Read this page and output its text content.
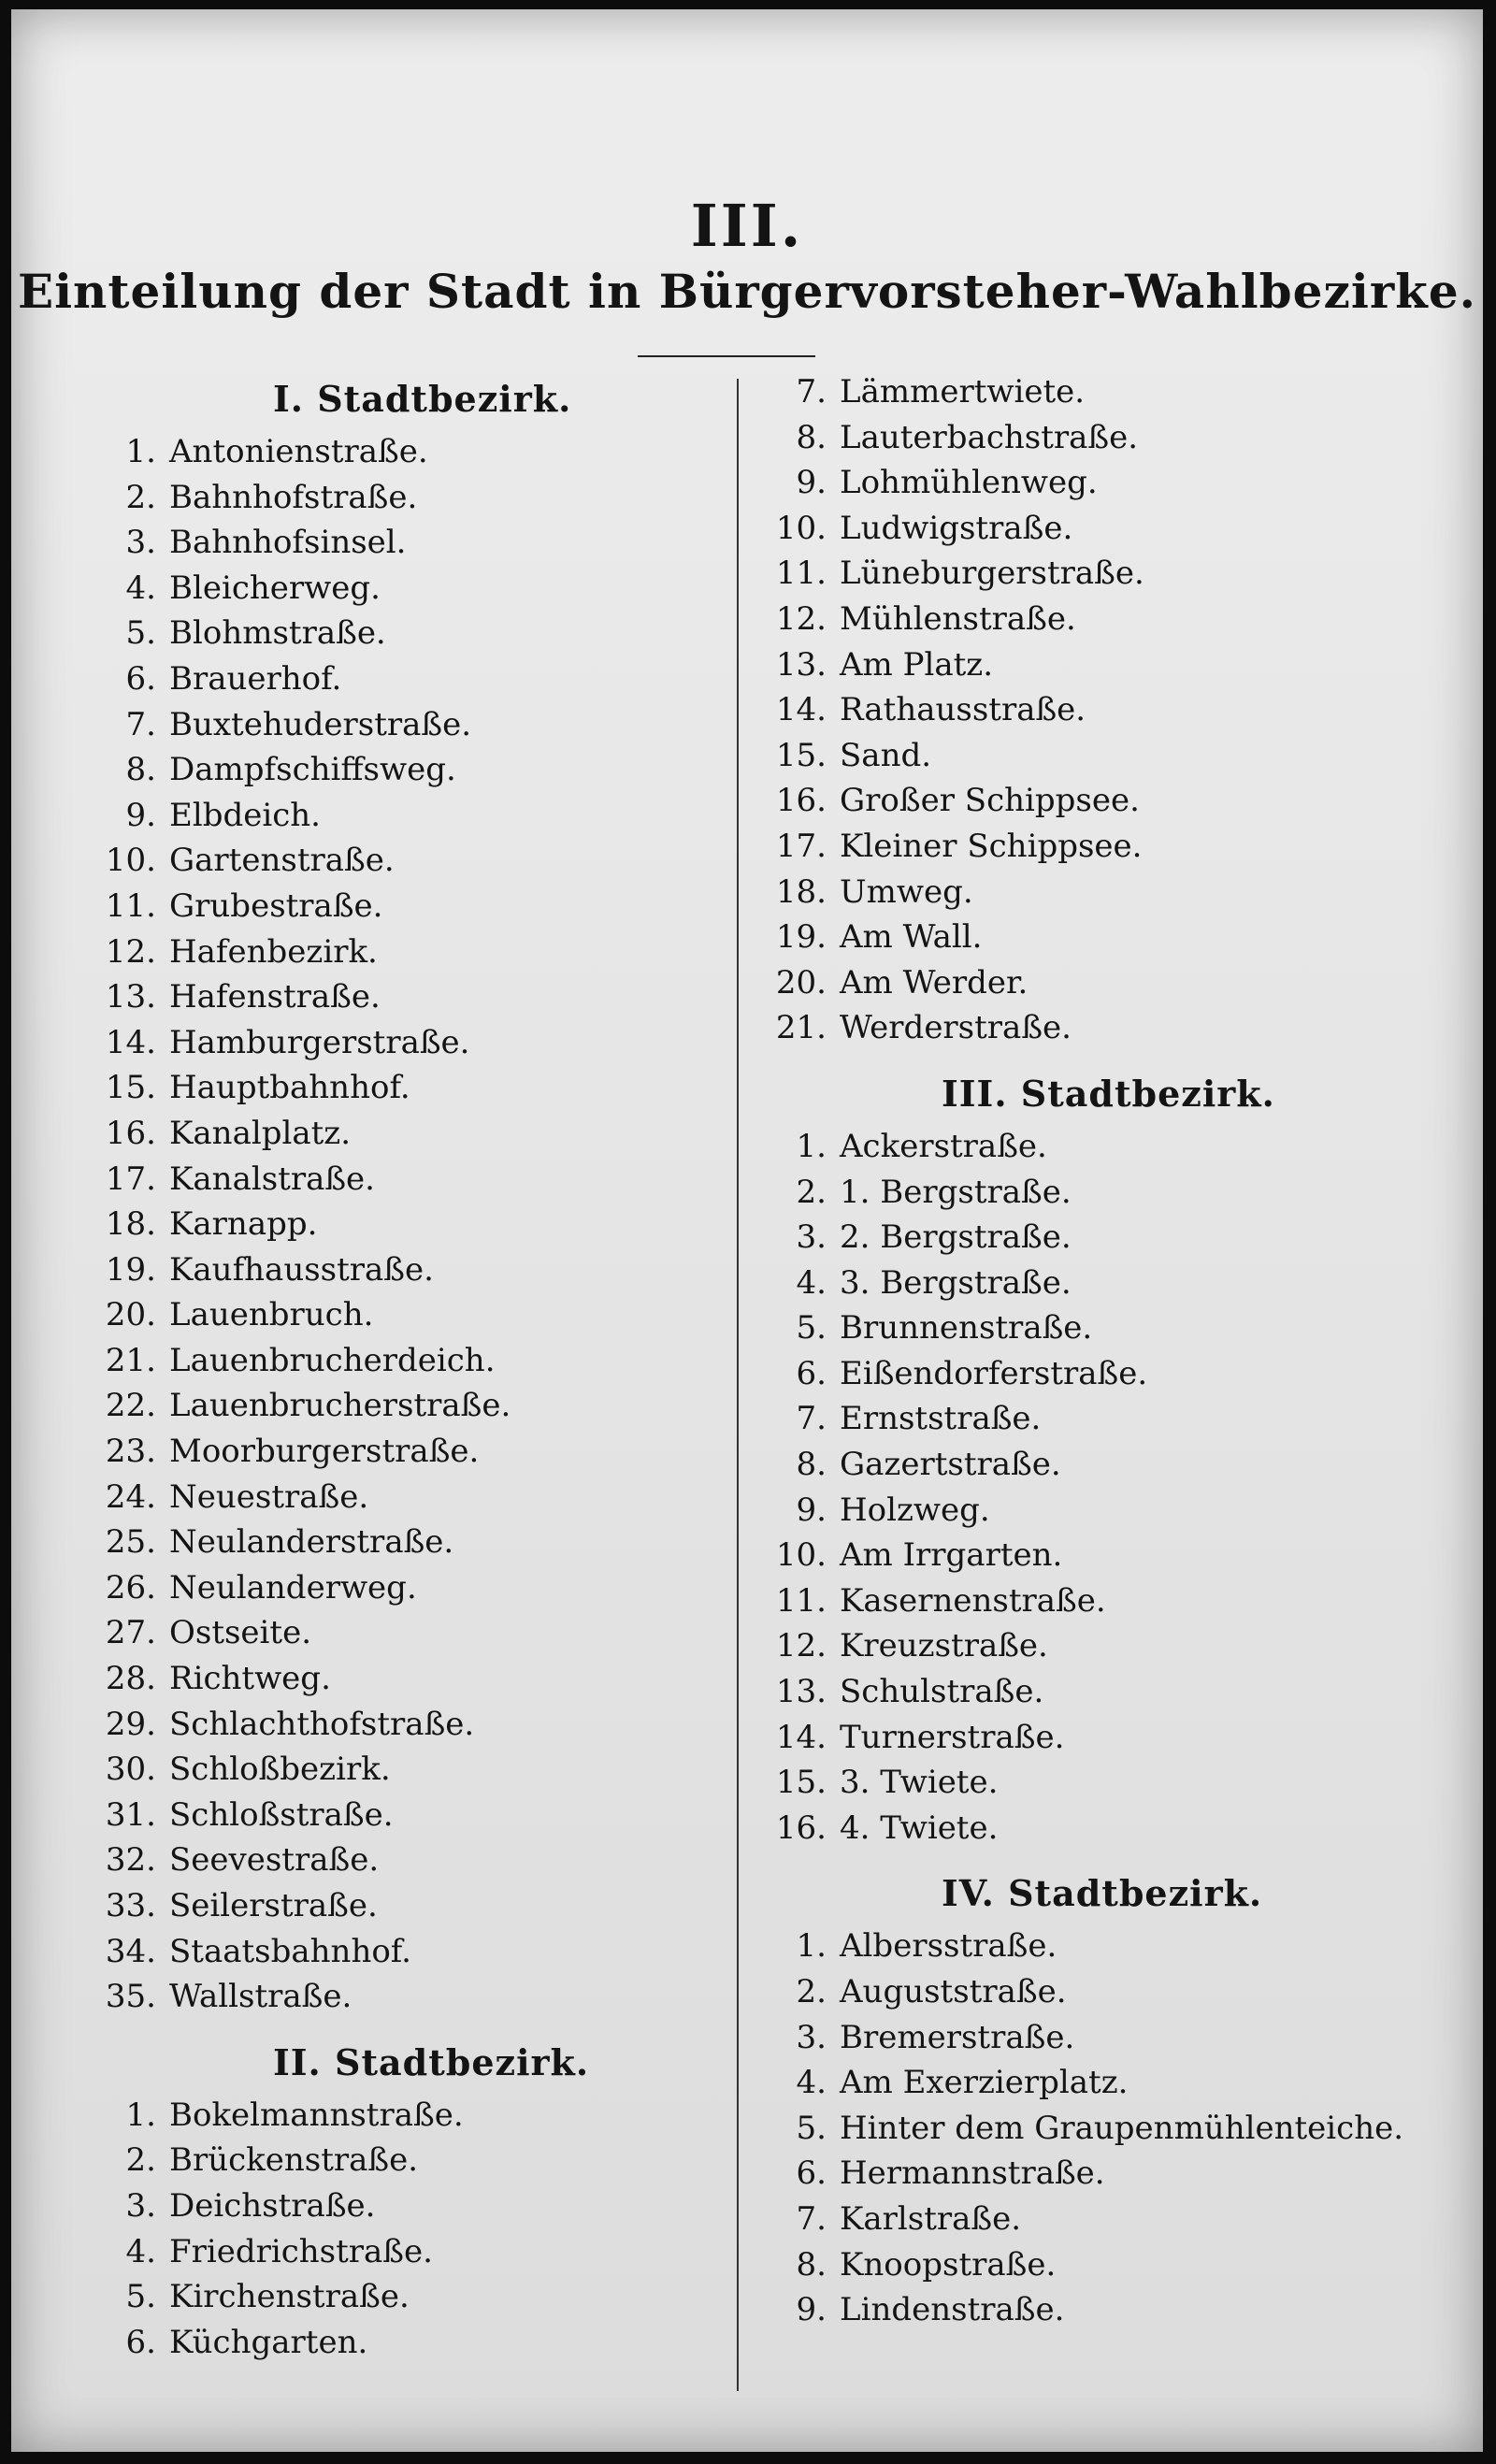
III.
Einteilung der Stadt in Bürgervorsteher-Wahlbezirke.
I. Stadtbezirk.
1. Antonienstraße.
2. Bahnhofstraße.
3. Bahnhofsinsel.
4. Bleicherweg.
5. Blohmstraße.
6. Brauerhof.
7. Buxtehuderstraße.
8. Dampfschiffsweg.
9. Elbdeich.
10. Gartenstraße.
11. Grubestraße.
12. Hafenbezirk.
13. Hafenstraße.
14. Hamburgerstraße.
15. Hauptbahnhof.
16. Kanalplatz.
17. Kanalstraße.
18. Karnapp.
19. Kaufhausstraße.
20. Lauenbruch.
21. Lauenbrucherdeich.
22. Lauenbrucherstraße.
23. Moorburgerstraße.
24. Neuestraße.
25. Neulanderstraße.
26. Neulanderweg.
27. Ostseite.
28. Richtweg.
29. Schlachthofstraße.
30. Schloßbezirk.
31. Schloßstraße.
32. Seevestraße.
33. Seilerstraße.
34. Staatsbahnhof.
35. Wallstraße.
II. Stadtbezirk.
1. Bokelmannstraße.
2. Brückenstraße.
3. Deichstraße.
4. Friedrichstraße.
5. Kirchenstraße.
6. Küchgarten.
7. Lämmertwiete.
8. Lauterbachstraße.
9. Lohmühlenweg.
10. Ludwigstraße.
11. Lüneburgerstraße.
12. Mühlenstraße.
13. Am Platz.
14. Rathausstraße.
15. Sand.
16. Großer Schippsee.
17. Kleiner Schippsee.
18. Umweg.
19. Am Wall.
20. Am Werder.
21. Werderstraße.
III. Stadtbezirk.
1. Ackerstraße.
2. 1. Bergstraße.
3. 2. Bergstraße.
4. 3. Bergstraße.
5. Brunnenstraße.
6. Eißendorferstraße.
7. Ernststraße.
8. Gazertstraße.
9. Holzweg.
10. Am Irrgarten.
11. Kasernenstraße.
12. Kreuzstraße.
13. Schulstraße.
14. Turnerstraße.
15. 3. Twiete.
16. 4. Twiete.
IV. Stadtbezirk.
1. Albersstraße.
2. Auguststraße.
3. Bremerstraße.
4. Am Exerzierplatz.
5. Hinter dem Graupenmühlenteiche.
6. Hermannstraße.
7. Karlstraße.
8. Knoopstraße.
9. Lindenstraße.
